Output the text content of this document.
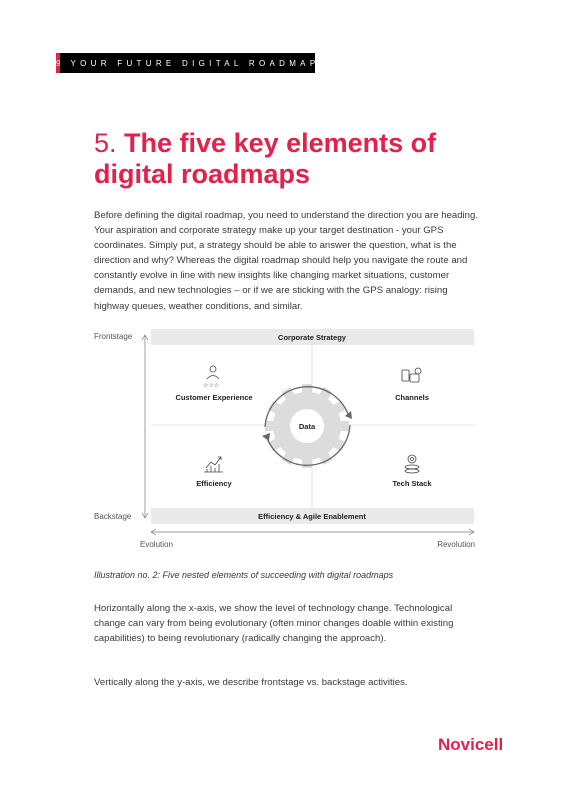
9	YOUR FUTURE DIGITAL ROADMAP
5. The five key elements of digital roadmaps

Before defining the digital roadmap, you need to understand the direction you are heading. Your aspiration and corporate strategy make up your target destination - your GPS coordinates. Simply put, a strategy should be able to answer the question, what is the direction and why? Whereas the digital roadmap should help you navigate the route and constantly evolve in line with new insights like changing market situations, customer demands, and new technologies – or if we are sticking with the GPS analogy: rising highway queues, weather conditions, and similar.

Frontstage
Backstage
Evolution	Revolution
Corporate Strategy
Efficiency & Agile Enablement
Data
☆☆☆
Customer Experience	Channels
Efficiency	Tech Stack

Illustration no. 2: Five nested elements of succeeding with digital roadmaps

Horizontally along the x-axis, we show the level of technology change. Technological change can vary from being evolutionary (often minor changes doable within existing capabilities) to being revolutionary (radically changing the approach).

Vertically along the y-axis, we describe frontstage vs. backstage activities.

Novicell
